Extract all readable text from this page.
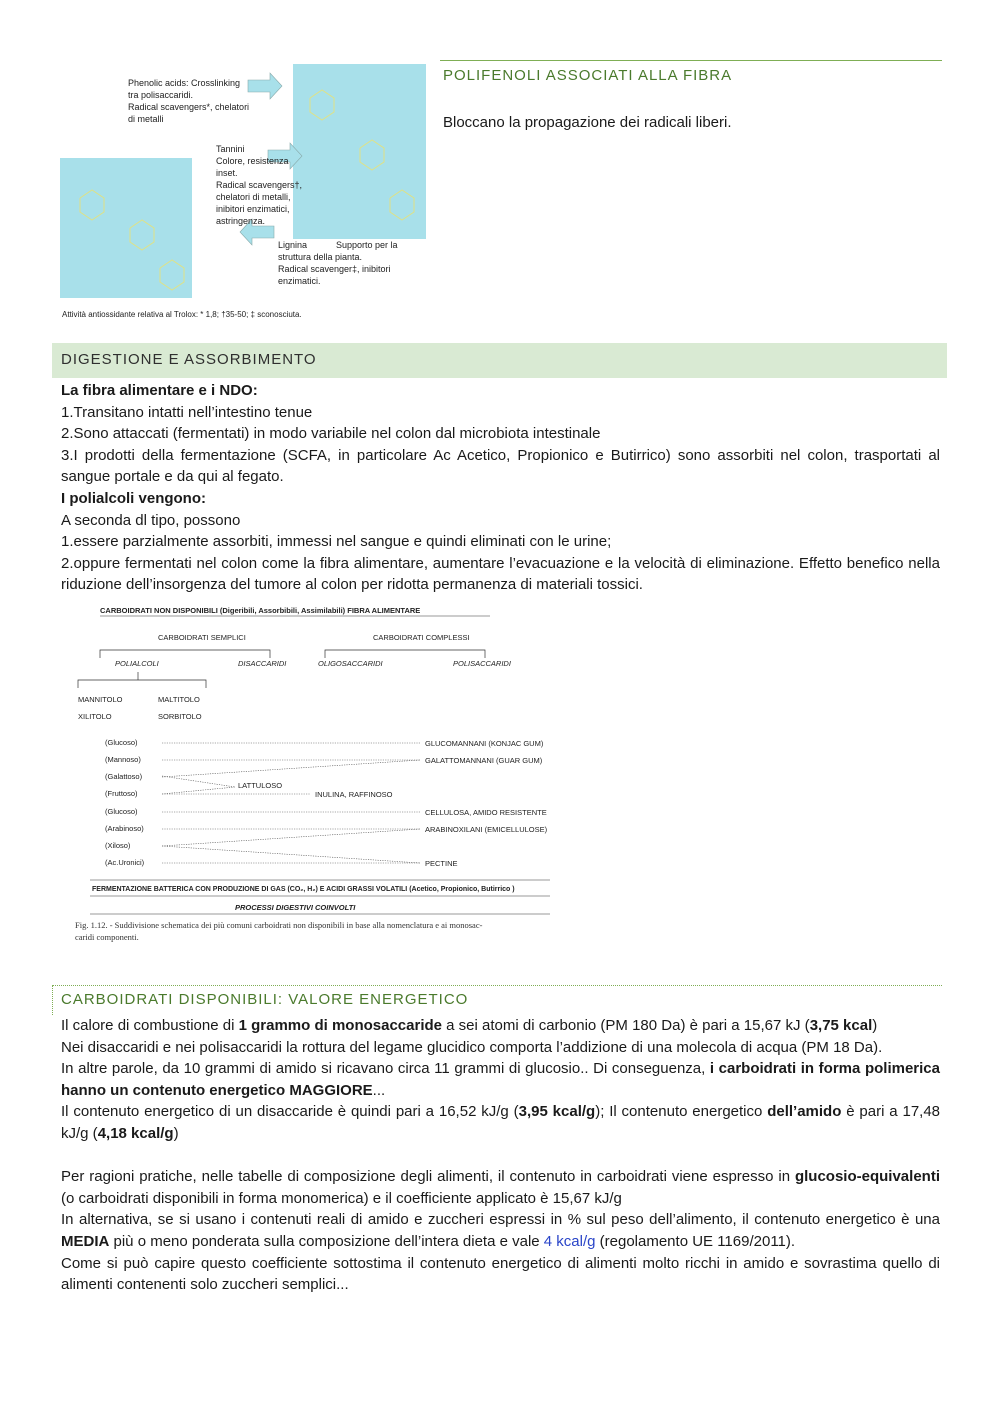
POLIFENOLI ASSOCIATI ALLA FIBRA
Bloccano la propagazione dei radicali liberi.
Phenolic acids: Crosslinking
tra polisaccaridi.
Radical scavengers*, chelatori
di metalli
Tannini
Colore, resistenza
inset.
Radical scavengers†,
chelatori di metalli,
inibitori enzimatici,
astringenza.
Lignina	Supporto per la
struttura della pianta.
Radical scavenger‡, inibitori
enzimatici.
Attività antiossidante relativa al Trolox: * 1,8; †35-50; ‡ sconosciuta.
DIGESTIONE E ASSORBIMENTO

La fibra alimentare e i NDO:

1.Transitano intatti nell’intestino tenue

2.Sono attaccati (fermentati) in modo variabile nel colon dal microbiota intestinale

3.I prodotti della fermentazione (SCFA, in particolare Ac Acetico, Propionico e Butirrico) sono assorbiti nel colon, trasportati al sangue portale e da qui al fegato.

I polialcoli vengono:

A seconda dl tipo, possono

1.essere parzialmente assorbiti, immessi nel sangue e quindi eliminati con le urine;

2.oppure fermentati nel colon come la fibra alimentare, aumentare l’evacuazione e la velocità di eliminazione. Effetto benefico nella riduzione dell’insorgenza del tumore al colon per ridotta permanenza di materiali tossici.

CARBOIDRATI NON DISPONIBILI (Digeribili, Assorbibili, Assimilabili) FIBRA ALIMENTARE
CARBOIDRATI SEMPLICI	CARBOIDRATI COMPLESSI
POLIALCOLI	DISACCARIDI	OLIGOSACCARIDI	POLISACCARIDI
MANNITOLO	MALTITOLO
XILITOLO	SORBITOLO
(Glucoso)
(Mannoso)
(Galattoso)
(Fruttoso)
(Glucoso)
(Arabinoso)
(Xiloso)
(Ac.Uronici)
LATTULOSO
INULINA, RAFFINOSO
GLUCOMANNANI (KONJAC GUM)
GALATTOMANNANI (GUAR GUM)
CELLULOSA, AMIDO RESISTENTE
ARABINOXILANI (EMICELLULOSE)
PECTINE
FERMENTAZIONE BATTERICA CON PRODUZIONE DI GAS (CO₂, H₂) E ACIDI GRASSI VOLATILI (Acetico, Propionico, Butirrico )
PROCESSI DIGESTIVI COINVOLTI
Fig. 1.12. - Suddivisione schematica dei più comuni carboidrati non disponibili in base alla nomenclatura e ai monosac-
caridi componenti.
CARBOIDRATI DISPONIBILI: VALORE ENERGETICO

Il calore di combustione di 1 grammo di monosaccaride a sei atomi di carbonio (PM 180 Da) è pari a 15,67 kJ (3,75 kcal)

Nei disaccaridi e nei polisaccaridi la rottura del legame glucidico comporta l’addizione di una molecola di acqua (PM 18 Da).

In altre parole, da 10 grammi di amido si ricavano circa 11 grammi di glucosio.. Di conseguenza, i carboidrati in forma polimerica hanno un contenuto energetico MAGGIORE...

Il contenuto energetico di un disaccaride è quindi pari a 16,52 kJ/g (3,95 kcal/g); Il contenuto energetico dell’amido è pari a 17,48 kJ/g (4,18 kcal/g)

Per ragioni pratiche, nelle tabelle di composizione degli alimenti, il contenuto in carboidrati viene espresso in glucosio-equivalenti (o carboidrati disponibili in forma monomerica) e il coefficiente applicato è 15,67 kJ/g

In alternativa, se si usano i contenuti reali di amido e zuccheri espressi in % sul peso dell’alimento, il contenuto energetico è una MEDIA più o meno ponderata sulla composizione dell’intera dieta e vale 4 kcal/g (regolamento UE 1169/2011).

Come si può capire questo coefficiente sottostima il contenuto energetico di alimenti molto ricchi in amido e sovrastima quello di alimenti contenenti solo zuccheri semplici...
